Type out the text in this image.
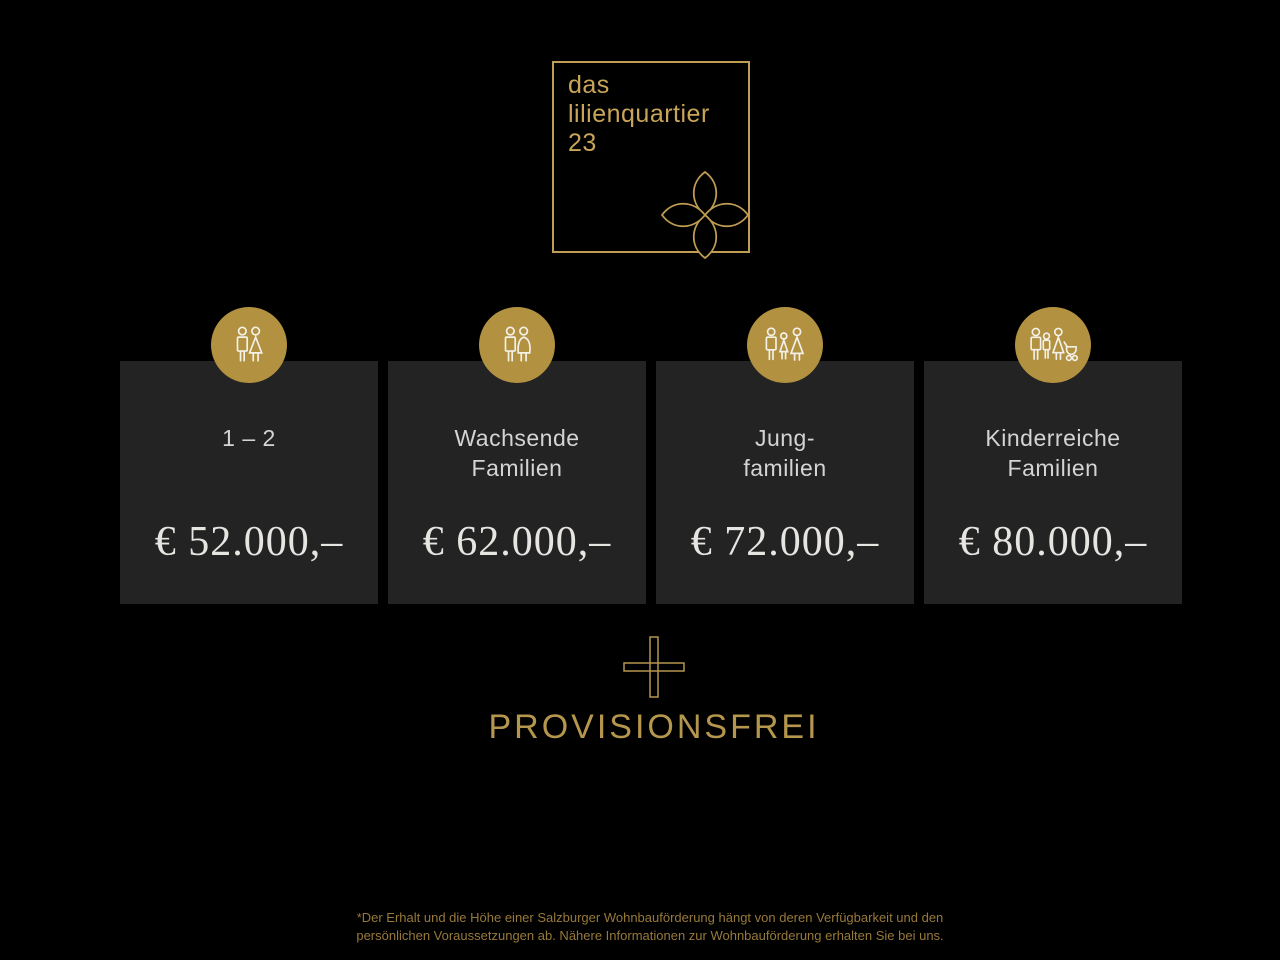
das
lilienquartier
23
1 – 2
€ 52.000,–
Wachsende
Familien
€ 62.000,–
Jung-
familien
€ 72.000,–
Kinderreiche
Familien
€ 80.000,–
PROVISIONSFREI
*Der Erhalt und die Höhe einer Salzburger Wohnbauförderung hängt von deren Verfügbarkeit und den
persönlichen Voraussetzungen ab. Nähere Informationen zur Wohnbauförderung erhalten Sie bei uns.
